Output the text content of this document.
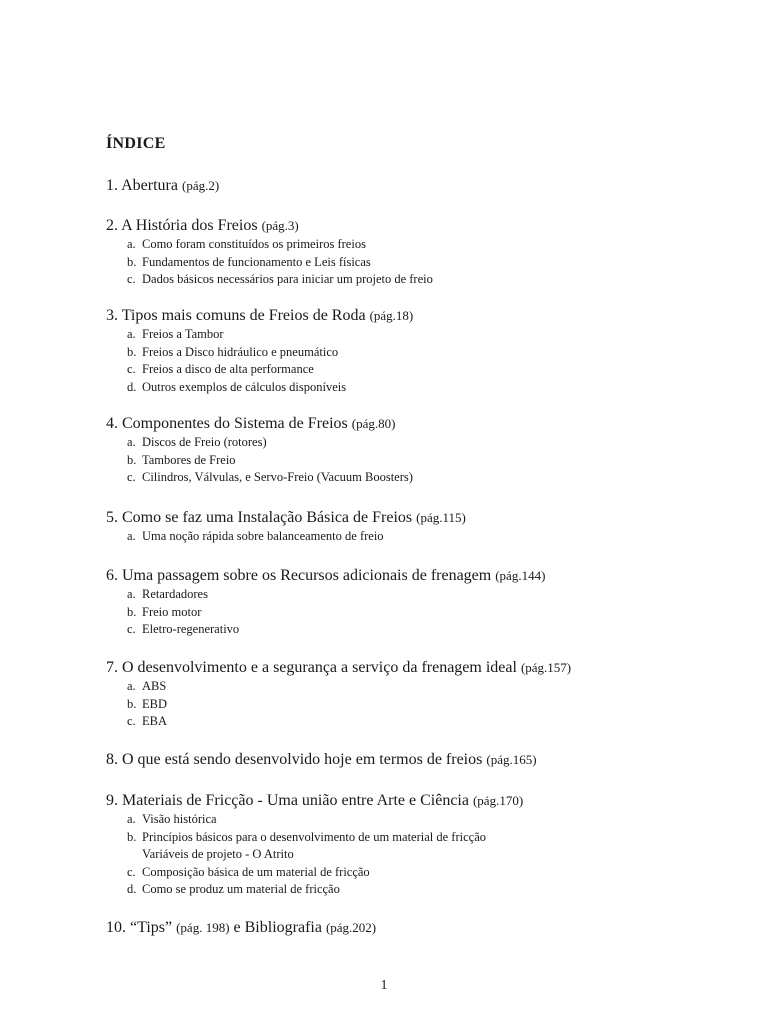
ÍNDICE
1. Abertura (pág.2)
2. A História dos Freios (pág.3)
a. Como foram constituídos os primeiros freios
b. Fundamentos de funcionamento e Leis físicas
c. Dados básicos necessários para iniciar um projeto de freio
3. Tipos mais comuns de Freios de Roda (pág.18)
a. Freios a Tambor
b. Freios a Disco hidráulico e pneumático
c. Freios a disco de alta performance
d. Outros exemplos de cálculos disponíveis
4. Componentes do Sistema de Freios (pág.80)
a. Discos de Freio (rotores)
b. Tambores de Freio
c. Cilindros, Válvulas, e Servo-Freio (Vacuum Boosters)
5. Como se faz uma Instalação Básica de Freios (pág.115)
a. Uma noção rápida sobre balanceamento de freio
6. Uma passagem sobre os Recursos adicionais de frenagem (pág.144)
a. Retardadores
b. Freio motor
c. Eletro-regenerativo
7. O desenvolvimento e a segurança a serviço da frenagem ideal (pág.157)
a. ABS
b. EBD
c. EBA
8. O que está sendo desenvolvido hoje em termos de freios (pág.165)
9. Materiais de Fricção - Uma união entre Arte e Ciência (pág.170)
a. Visão histórica
b. Princípios básicos para o desenvolvimento de um material de fricção
Variáveis de projeto - O Atrito
c. Composição básica de um material de fricção
d. Como se produz um material de fricção
10. “Tips” (pág. 198) e Bibliografia (pág.202)
1
